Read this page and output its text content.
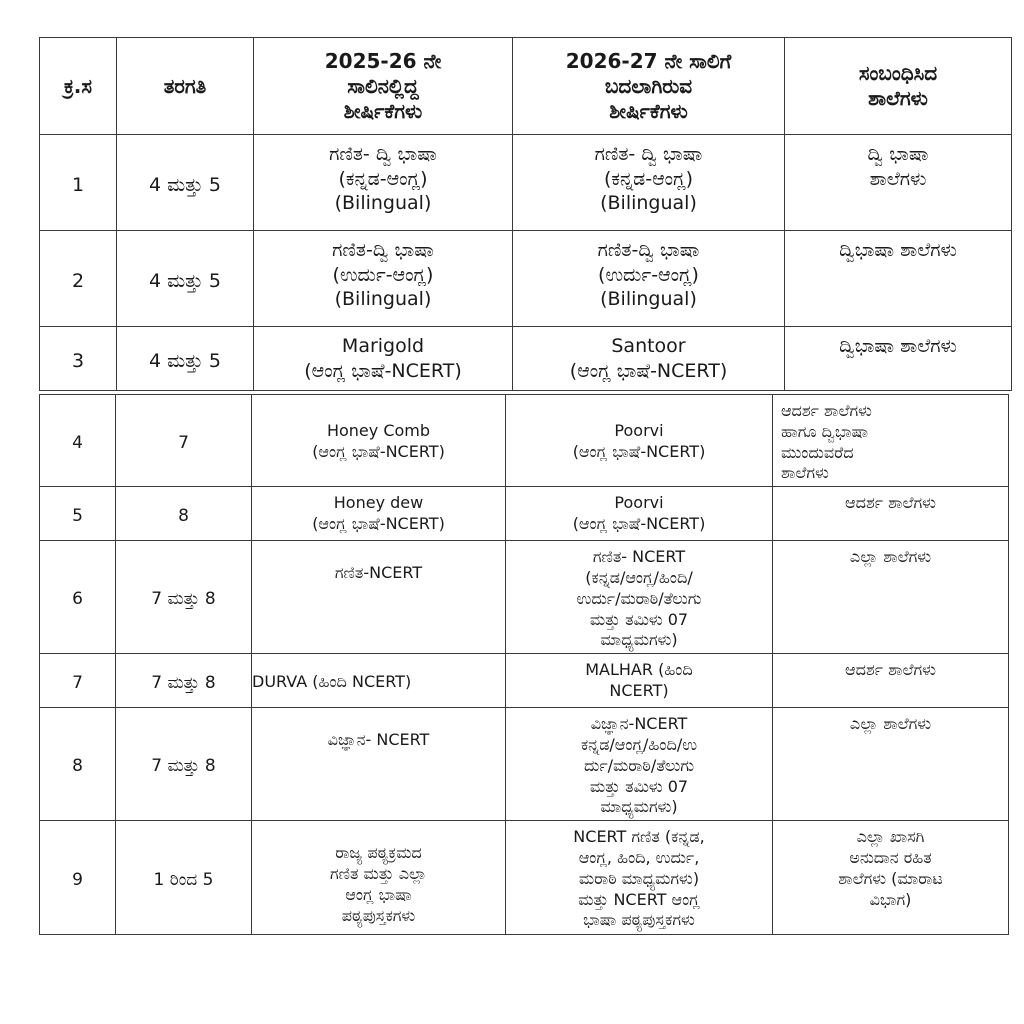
ಕ್ರ.ಸ	ತರಗತಿ	2025-26 ನೇ
ಸಾಲಿನಲ್ಲಿದ್ದ
ಶೀರ್ಷಿಕೆಗಳು	2026-27 ನೇ ಸಾಲಿಗೆ
ಬದಲಾಗಿರುವ
ಶೀರ್ಷಿಕೆಗಳು	ಸಂಬಂಧಿಸಿದ
ಶಾಲೆಗಳು
1	4 ಮತ್ತು 5	ಗಣಿತ- ದ್ವಿ ಭಾಷಾ
(ಕನ್ನಡ-ಆಂಗ್ಲ)
(Bilingual)	ಗಣಿತ- ದ್ವಿ ಭಾಷಾ
(ಕನ್ನಡ-ಆಂಗ್ಲ)
(Bilingual)	ದ್ವಿ ಭಾಷಾ
ಶಾಲೆಗಳು
2	4 ಮತ್ತು 5	ಗಣಿತ-ದ್ವಿ ಭಾಷಾ
(ಉರ್ದು-ಆಂಗ್ಲ)
(Bilingual)	ಗಣಿತ-ದ್ವಿ ಭಾಷಾ
(ಉರ್ದು-ಆಂಗ್ಲ)
(Bilingual)	ದ್ವಿಭಾಷಾ ಶಾಲೆಗಳು
3	4 ಮತ್ತು 5	Marigold
(ಆಂಗ್ಲ ಭಾಷೆ-NCERT)	Santoor
(ಆಂಗ್ಲ ಭಾಷೆ-NCERT)	ದ್ವಿಭಾಷಾ ಶಾಲೆಗಳು
4	7	Honey Comb
(ಆಂಗ್ಲ ಭಾಷೆ-NCERT)	Poorvi
(ಆಂಗ್ಲ ಭಾಷೆ-NCERT)	ಆದರ್ಶ ಶಾಲೆಗಳು
ಹಾಗೂ ದ್ವಿಭಾಷಾ
ಮುಂದುವರೆದ
ಶಾಲೆಗಳು
5	8	Honey dew
(ಆಂಗ್ಲ ಭಾಷೆ-NCERT)	Poorvi
(ಆಂಗ್ಲ ಭಾಷೆ-NCERT)	ಆದರ್ಶ ಶಾಲೆಗಳು
6	7 ಮತ್ತು 8	ಗಣಿತ-NCERT	ಗಣಿತ- NCERT
(ಕನ್ನಡ/ಆಂಗ್ಲ/ಹಿಂದಿ/
ಉರ್ದು/ಮರಾಠಿ/ತೆಲುಗು
ಮತ್ತು ತಮಿಳು 07
ಮಾಧ್ಯಮಗಳು)	ಎಲ್ಲಾ ಶಾಲೆಗಳು
7	7 ಮತ್ತು 8	DURVA (ಹಿಂದಿ NCERT)	MALHAR (ಹಿಂದಿ
NCERT)	ಆದರ್ಶ ಶಾಲೆಗಳು
8	7 ಮತ್ತು 8	ವಿಜ್ಞಾನ- NCERT	ವಿಜ್ಞಾನ-NCERT
ಕನ್ನಡ/ಆಂಗ್ಲ/ಹಿಂದಿ/ಉ
ರ್ದು/ಮರಾಠಿ/ತೆಲುಗು
ಮತ್ತು ತಮಿಳು 07
ಮಾಧ್ಯಮಗಳು)	ಎಲ್ಲಾ ಶಾಲೆಗಳು
9	1 ರಿಂದ 5	ರಾಜ್ಯ ಪಠ್ಯಕ್ರಮದ
ಗಣಿತ ಮತ್ತು ಎಲ್ಲಾ
ಆಂಗ್ಲ ಭಾಷಾ
ಪಠ್ಯಪುಸ್ತಕಗಳು	NCERT ಗಣಿತ (ಕನ್ನಡ,
ಆಂಗ್ಲ, ಹಿಂದಿ, ಉರ್ದು,
ಮರಾಠಿ ಮಾಧ್ಯಮಗಳು)
ಮತ್ತು NCERT ಆಂಗ್ಲ
ಭಾಷಾ ಪಠ್ಯಪುಸ್ತಕಗಳು	ಎಲ್ಲಾ ಖಾಸಗಿ
ಅನುದಾನ ರಹಿತ
ಶಾಲೆಗಳು (ಮಾರಾಟ
ವಿಭಾಗ)
